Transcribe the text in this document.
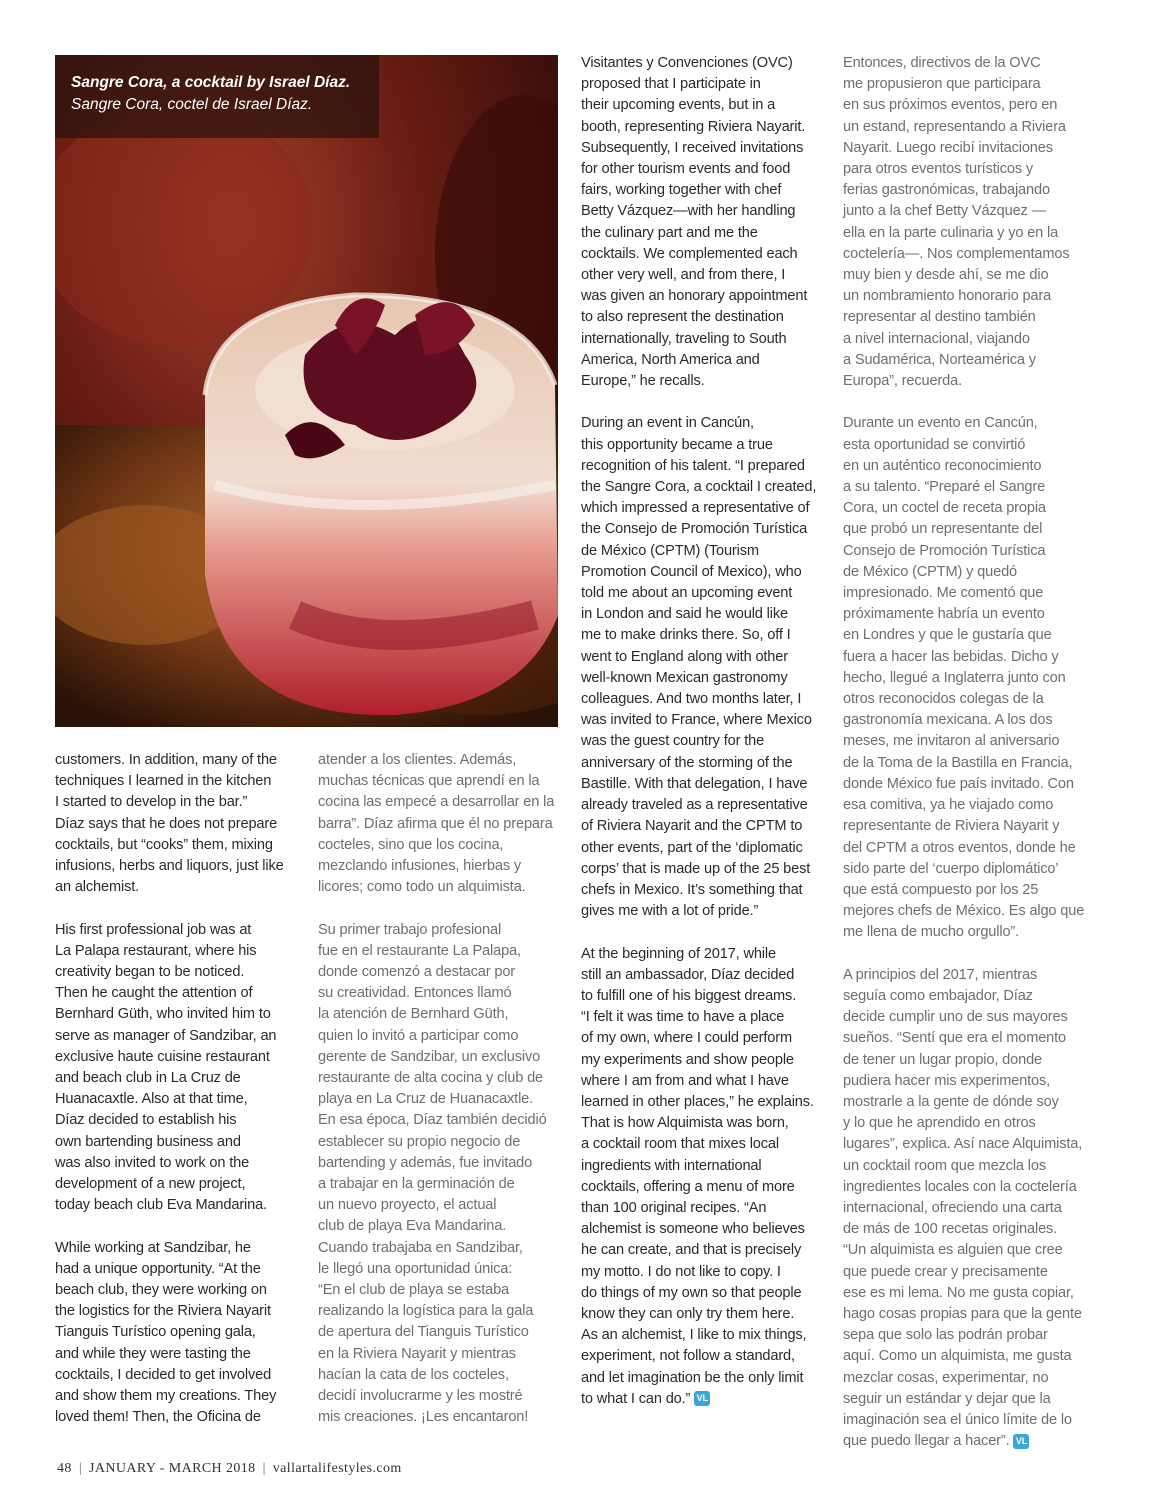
Sangre Cora, a cocktail by Israel Díaz.
Sangre Cora, coctel de Israel Díaz.

customers. In addition, many of the
techniques I learned in the kitchen
I started to develop in the bar.”
Díaz says that he does not prepare
cocktails, but “cooks” them, mixing
infusions, herbs and liquors, just like
an alchemist.

His first professional job was at
La Palapa restaurant, where his
creativity began to be noticed.
Then he caught the attention of
Bernhard Güth, who invited him to
serve as manager of Sandzibar, an
exclusive haute cuisine restaurant
and beach club in La Cruz de
Huanacaxtle. Also at that time,
Díaz decided to establish his
own bartending business and
was also invited to work on the
development of a new project,
today beach club Eva Mandarina.

While working at Sandzibar, he
had a unique opportunity. “At the
beach club, they were working on
the logistics for the Riviera Nayarit
Tianguis Turístico opening gala,
and while they were tasting the
cocktails, I decided to get involved
and show them my creations. They
loved them! Then, the Oficina de

atender a los clientes. Además,
muchas técnicas que aprendí en la
cocina las empecé a desarrollar en la
barra”. Díaz afirma que él no prepara
cocteles, sino que los cocina,
mezclando infusiones, hierbas y
licores; como todo un alquimista.

Su primer trabajo profesional
fue en el restaurante La Palapa,
donde comenzó a destacar por
su creatividad. Entonces llamó
la atención de Bernhard Güth,
quien lo invitó a participar como
gerente de Sandzibar, un exclusivo
restaurante de alta cocina y club de
playa en La Cruz de Huanacaxtle.
En esa época, Díaz también decidió
establecer su propio negocio de
bartending y además, fue invitado
a trabajar en la germinación de
un nuevo proyecto, el actual
club de playa Eva Mandarina.
Cuando trabajaba en Sandzibar,
le llegó una oportunidad única:
“En el club de playa se estaba
realizando la logística para la gala
de apertura del Tianguis Turístico
en la Riviera Nayarit y mientras
hacían la cata de los cocteles,
decidí involucrarme y les mostré
mis creaciones. ¡Les encantaron!

Visitantes y Convenciones (OVC)
proposed that I participate in
their upcoming events, but in a
booth, representing Riviera Nayarit.
Subsequently, I received invitations
for other tourism events and food
fairs, working together with chef
Betty Vázquez—with her handling
the culinary part and me the
cocktails. We complemented each
other very well, and from there, I
was given an honorary appointment
to also represent the destination
internationally, traveling to South
America, North America and
Europe,” he recalls.

During an event in Cancún,
this opportunity became a true
recognition of his talent. “I prepared
the Sangre Cora, a cocktail I created,
which impressed a representative of
the Consejo de Promoción Turística
de México (CPTM) (Tourism
Promotion Council of Mexico), who
told me about an upcoming event
in London and said he would like
me to make drinks there. So, off I
went to England along with other
well-known Mexican gastronomy
colleagues. And two months later, I
was invited to France, where Mexico
was the guest country for the
anniversary of the storming of the
Bastille. With that delegation, I have
already traveled as a representative
of Riviera Nayarit and the CPTM to
other events, part of the ‘diplomatic
corps’ that is made up of the 25 best
chefs in Mexico. It’s something that
gives me with a lot of pride.”

At the beginning of 2017, while
still an ambassador, Díaz decided
to fulfill one of his biggest dreams.
“I felt it was time to have a place
of my own, where I could perform
my experiments and show people
where I am from and what I have
learned in other places,” he explains.
That is how Alquimista was born,
a cocktail room that mixes local
ingredients with international
cocktails, offering a menu of more
than 100 original recipes. “An
alchemist is someone who believes
he can create, and that is precisely
my motto. I do not like to copy. I
do things of my own so that people
know they can only try them here.
As an alchemist, I like to mix things,
experiment, not follow a standard,
and let imagination be the only limit
to what I can do.” VL

Entonces, directivos de la OVC
me propusieron que participara
en sus próximos eventos, pero en
un estand, representando a Riviera
Nayarit. Luego recibí invitaciones
para otros eventos turísticos y
ferias gastronómicas, trabajando
junto a la chef Betty Vázquez —
ella en la parte culinaria y yo en la
coctelería—. Nos complementamos
muy bien y desde ahí, se me dio
un nombramiento honorario para
representar al destino también
a nivel internacional, viajando
a Sudamérica, Norteamérica y
Europa”, recuerda.

Durante un evento en Cancún,
esta oportunidad se convirtió
en un auténtico reconocimiento
a su talento. “Preparé el Sangre
Cora, un coctel de receta propia
que probó un representante del
Consejo de Promoción Turística
de México (CPTM) y quedó
impresionado. Me comentó que
próximamente habría un evento
en Londres y que le gustaría que
fuera a hacer las bebidas. Dicho y
hecho, llegué a Inglaterra junto con
otros reconocidos colegas de la
gastronomía mexicana. A los dos
meses, me invitaron al aniversario
de la Toma de la Bastilla en Francia,
donde México fue país invitado. Con
esa comitiva, ya he viajado como
representante de Riviera Nayarit y
del CPTM a otros eventos, donde he
sido parte del ‘cuerpo diplomático’
que está compuesto por los 25
mejores chefs de México. Es algo que
me llena de mucho orgullo”.

A principios del 2017, mientras
seguía como embajador, Díaz
decide cumplir uno de sus mayores
sueños. “Sentí que era el momento
de tener un lugar propio, donde
pudiera hacer mis experimentos,
mostrarle a la gente de dónde soy
y lo que he aprendido en otros
lugares”, explica. Así nace Alquimista,
un cocktail room que mezcla los
ingredientes locales con la coctelería
internacional, ofreciendo una carta
de más de 100 recetas originales.
“Un alquimista es alguien que cree
que puede crear y precisamente
ese es mi lema. No me gusta copiar,
hago cosas propias para que la gente
sepa que solo las podrán probar
aquí. Como un alquimista, me gusta
mezclar cosas, experimentar, no
seguir un estándar y dejar que la
imaginación sea el único límite de lo
que puedo llegar a hacer”. VL

48 | JANUARY - MARCH 2018 | vallartalifestyles.com
